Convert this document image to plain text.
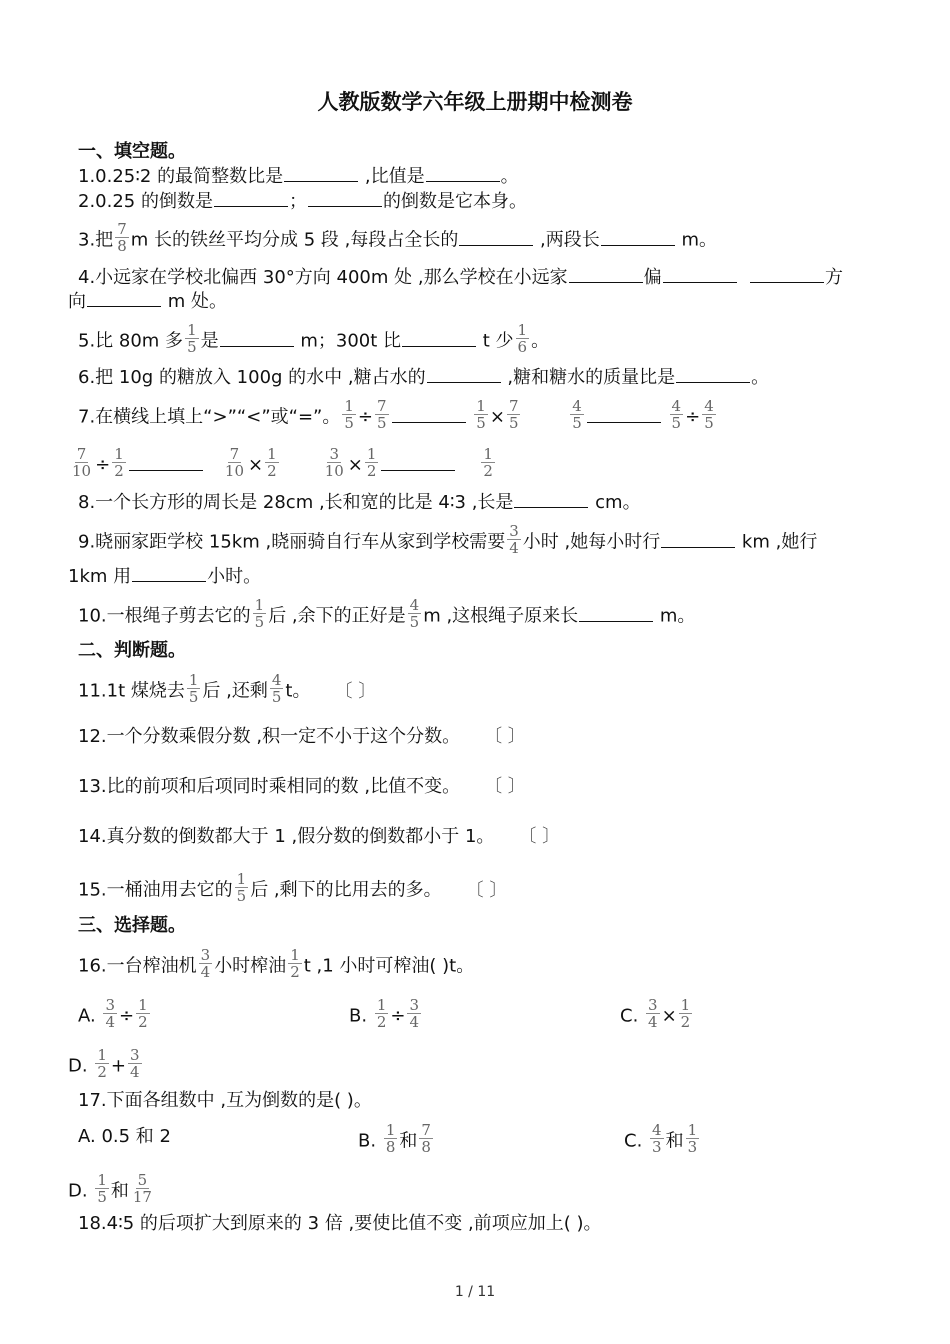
人教版数学六年级上册期中检测卷
一、填空题。
1.0.25∶2 的最简整数比是	,比值是	。
2.0.25 的倒数是	；	的倒数是它本身。
3.把 $\frac{7}{8}$ m 长的铁丝平均分成 5 段 ,每段占全长的	,两段长	m。
4.小远家在学校北偏西 30°方向 400m 处 ,那么学校在小远家	偏	方
向	m 处。
5.比 80m 多 $\frac{1}{5}$ 是	m；300t 比	t 少 $\frac{1}{6}$ 。
6.把 10g 的糖放入 100g 的水中 ,糖占水的	,糖和糖水的质量比是	。
7.在横线上填上“>”“<”或“=”。 $\frac{1}{5} \div \frac{7}{5}$
	$\frac{1}{5} \times \frac{7}{5}$
	$\frac{4}{5}$
	$\frac{4}{5} \div \frac{4}{5}$
$\frac{7}{10} \div \frac{1}{2}$
	$\frac{7}{10} \times \frac{1}{2}$
	$\frac{3}{10} \times \frac{1}{2}$
	$\frac{1}{2}$
8.一个长方形的周长是 28cm ,长和宽的比是 4∶3 ,长是	cm。
9.晓丽家距学校 15km ,晓丽骑自行车从家到学校需要 $\frac{3}{4}$ 小时 ,她每小时行	km ,她行
1km 用	小时。
10.一根绳子剪去它的 $\frac{1}{5}$ 后 ,余下的正好是 $\frac{4}{5}$ m ,这根绳子原来长	m。
二、判断题。
11.1t 煤烧去 $\frac{1}{5}$ 后 ,还剩 $\frac{4}{5}$ t。 〔 〕
12.一个分数乘假分数 ,积一定不小于这个分数。 〔 〕
13.比的前项和后项同时乘相同的数 ,比值不变。 〔 〕
14.真分数的倒数都大于 1 ,假分数的倒数都小于 1。 〔 〕
15.一桶油用去它的 $\frac{1}{5}$ 后 ,剩下的比用去的多。 〔 〕
三、选择题。
16.一台榨油机 $\frac{3}{4}$ 小时榨油 $\frac{1}{2}$ t ,1 小时可榨油( )t。
A. $\frac{3}{4} \div \frac{1}{2}$	B. $\frac{1}{2} \div \frac{3}{4}$	C. $\frac{3}{4} \times \frac{1}{2}$
D. $\frac{1}{2} + \frac{3}{4}$
17.下面各组数中 ,互为倒数的是( )。
A. 0.5 和 2	B. $\frac{1}{8}$ 和 $\frac{7}{8}$	C. $\frac{4}{3}$ 和 $\frac{1}{3}$
D. $\frac{1}{5}$ 和 $\frac{5}{17}$
18.4∶5 的后项扩大到原来的 3 倍 ,要使比值不变 ,前项应加上( )。
1 / 11
